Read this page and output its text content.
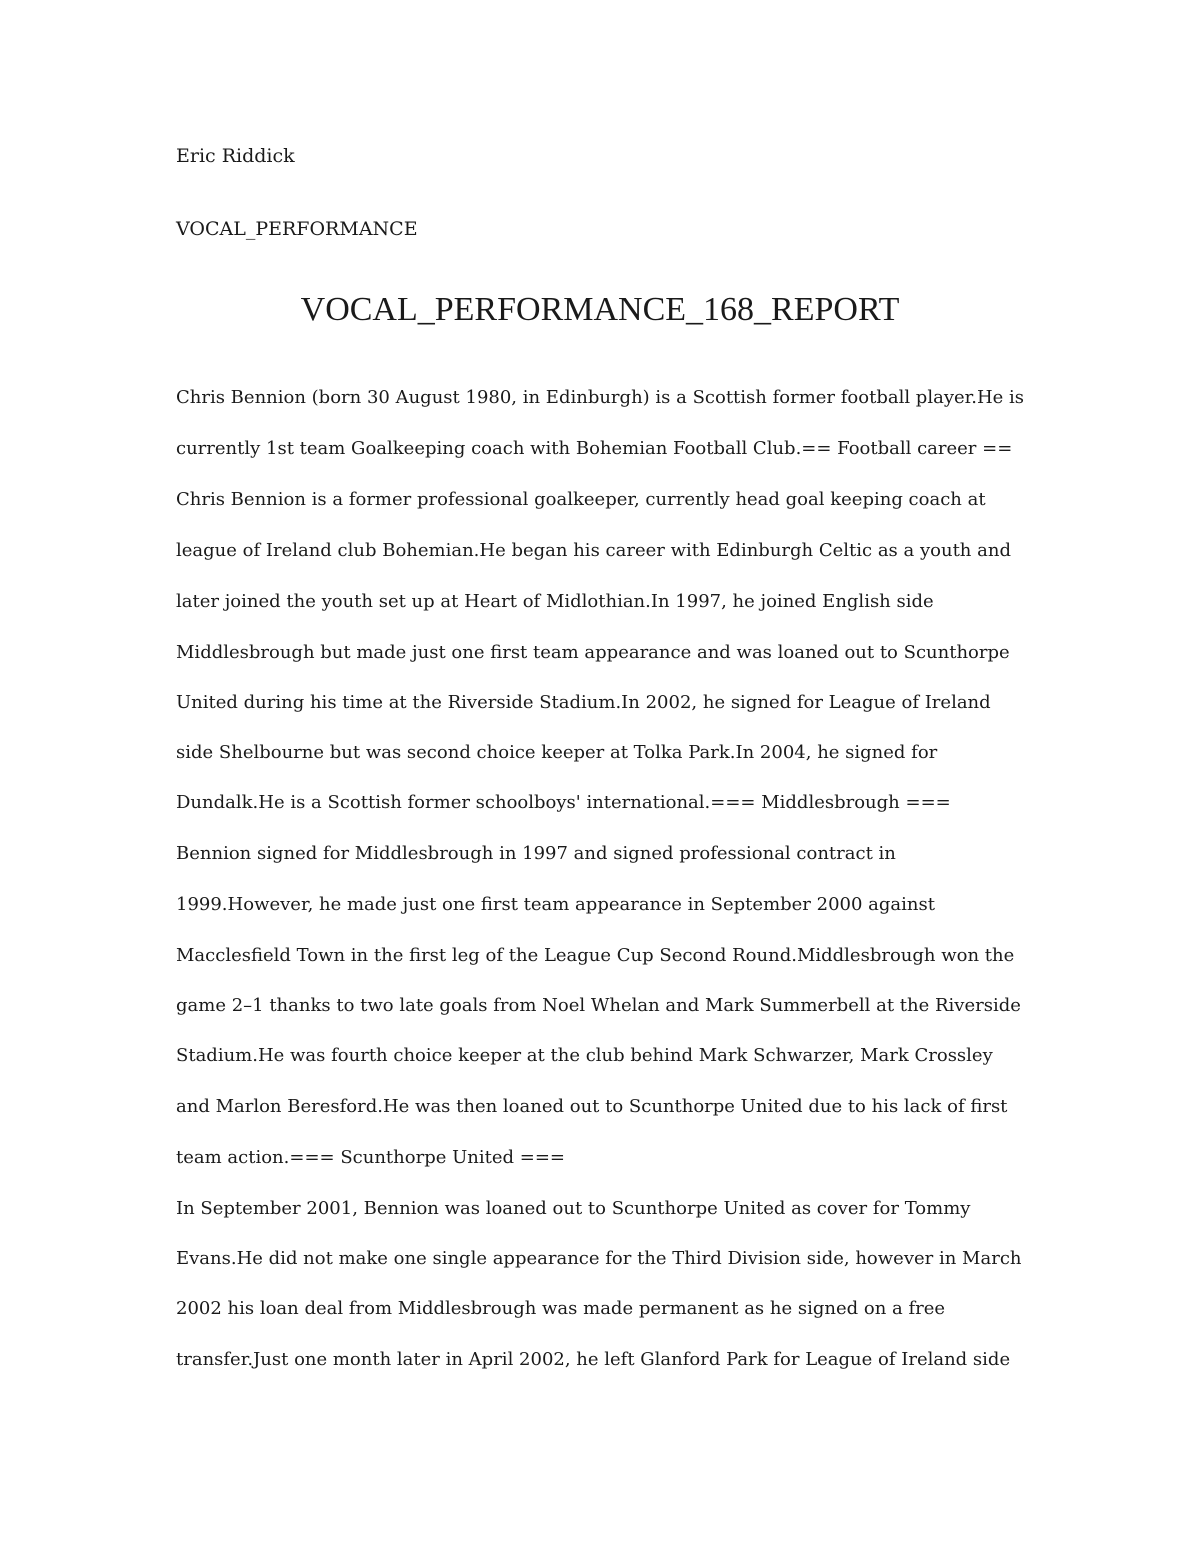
Eric Riddick
VOCAL_PERFORMANCE
VOCAL_PERFORMANCE_168_REPORT
Chris Bennion (born 30 August 1980, in Edinburgh) is a Scottish former football player.He is
currently 1st team Goalkeeping coach with Bohemian Football Club.== Football career ==
Chris Bennion is a former professional goalkeeper, currently head goal keeping coach at
league of Ireland club Bohemian.He began his career with Edinburgh Celtic as a youth and
later joined the youth set up at Heart of Midlothian.In 1997, he joined English side
Middlesbrough but made just one first team appearance and was loaned out to Scunthorpe
United during his time at the Riverside Stadium.In 2002, he signed for League of Ireland
side Shelbourne but was second choice keeper at Tolka Park.In 2004, he signed for
Dundalk.He is a Scottish former schoolboys' international.=== Middlesbrough ===
Bennion signed for Middlesbrough in 1997 and signed professional contract in
1999.However, he made just one first team appearance in September 2000 against
Macclesfield Town in the first leg of the League Cup Second Round.Middlesbrough won the
game 2–1 thanks to two late goals from Noel Whelan and Mark Summerbell at the Riverside
Stadium.He was fourth choice keeper at the club behind Mark Schwarzer, Mark Crossley
and Marlon Beresford.He was then loaned out to Scunthorpe United due to his lack of first
team action.=== Scunthorpe United ===
In September 2001, Bennion was loaned out to Scunthorpe United as cover for Tommy
Evans.He did not make one single appearance for the Third Division side, however in March
2002 his loan deal from Middlesbrough was made permanent as he signed on a free
transfer.Just one month later in April 2002, he left Glanford Park for League of Ireland side
